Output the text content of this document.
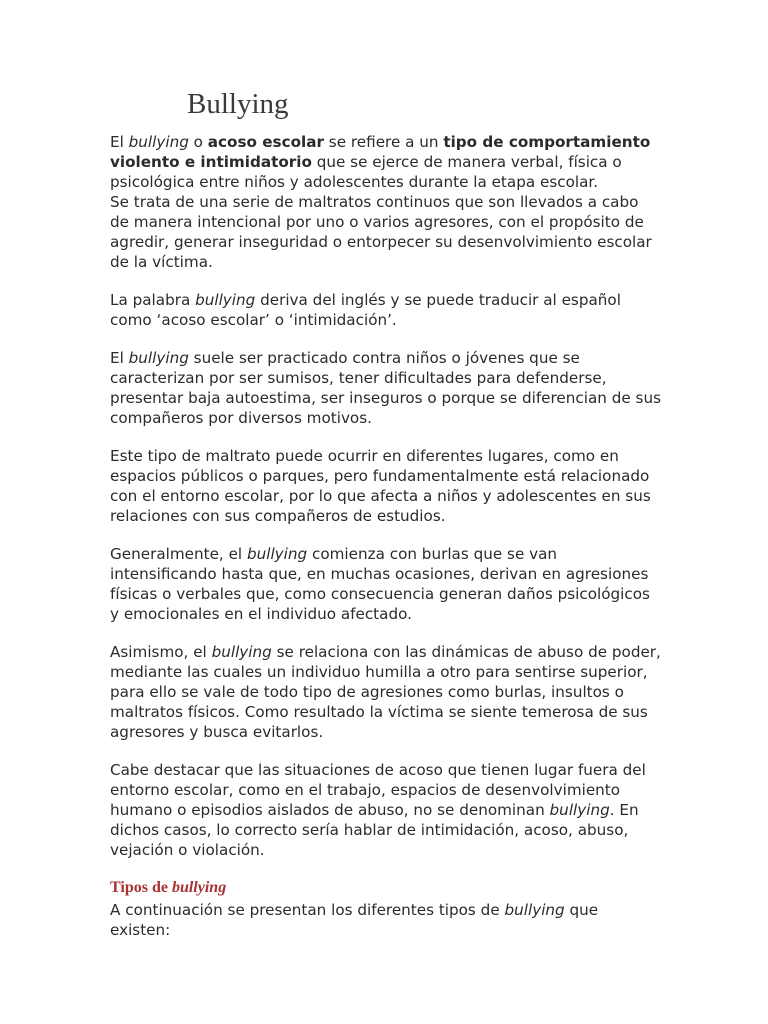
Bullying

El bullying o acoso escolar se refiere a un tipo de comportamiento violento e intimidatorio que se ejerce de manera verbal, física o psicológica entre niños y adolescentes durante la etapa escolar.

Se trata de una serie de maltratos continuos que son llevados a cabo de manera intencional por uno o varios agresores, con el propósito de agredir, generar inseguridad o entorpecer su desenvolvimiento escolar de la víctima.

La palabra bullying deriva del inglés y se puede traducir al español como ‘acoso escolar’ o ‘intimidación’.

El bullying suele ser practicado contra niños o jóvenes que se caracterizan por ser sumisos, tener dificultades para defenderse, presentar baja autoestima, ser inseguros o porque se diferencian de sus compañeros por diversos motivos.

Este tipo de maltrato puede ocurrir en diferentes lugares, como en espacios públicos o parques, pero fundamentalmente está relacionado con el entorno escolar, por lo que afecta a niños y adolescentes en sus relaciones con sus compañeros de estudios.

Generalmente, el bullying comienza con burlas que se van intensificando hasta que, en muchas ocasiones, derivan en agresiones físicas o verbales que, como consecuencia generan daños psicológicos y emocionales en el individuo afectado.

Asimismo, el bullying se relaciona con las dinámicas de abuso de poder, mediante las cuales un individuo humilla a otro para sentirse superior, para ello se vale de todo tipo de agresiones como burlas, insultos o maltratos físicos. Como resultado la víctima se siente temerosa de sus agresores y busca evitarlos.

Cabe destacar que las situaciones de acoso que tienen lugar fuera del entorno escolar, como en el trabajo, espacios de desenvolvimiento humano o episodios aislados de abuso, no se denominan bullying. En dichos casos, lo correcto sería hablar de intimidación, acoso, abuso, vejación o violación.

Tipos de bullying

A continuación se presentan los diferentes tipos de bullying que existen:
